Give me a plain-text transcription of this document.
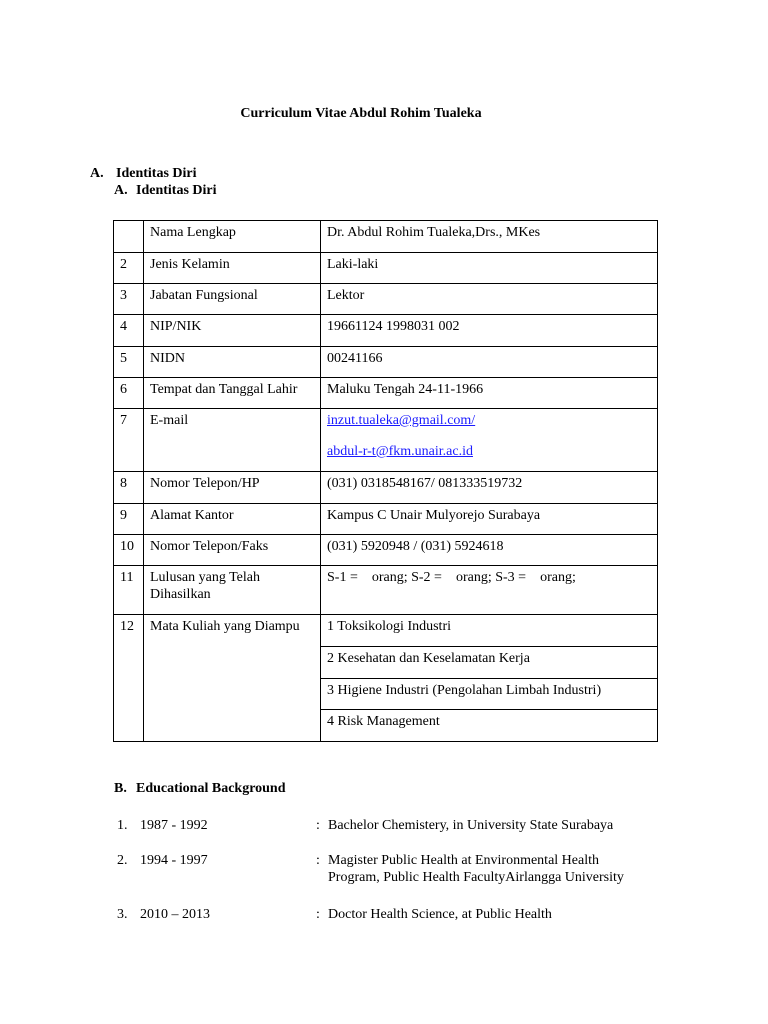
Curriculum Vitae Abdul Rohim Tualeka
A. Identitas Diri
A. Identitas Diri
	Nama Lengkap	Dr. Abdul Rohim Tualeka,Drs., MKes
2	Jenis Kelamin	Laki-laki
3	Jabatan Fungsional	Lektor
4	NIP/NIK	19661124 1998031 002
5	NIDN	00241166
6	Tempat dan Tanggal Lahir	Maluku Tengah 24-11-1966
7	E-mail	inzut.tualeka@gmail.com/
abdul-r-t@fkm.unair.ac.id

8	Nomor Telepon/HP	(031) 0318548167/ 081333519732
9	Alamat Kantor	Kampus C Unair Mulyorejo Surabaya
10	Nomor Telepon/Faks	(031) 5920948 / (031) 5924618
11	Lulusan yang Telah Dihasilkan	S-1 =    orang; S-2 =    orang; S-3 =    orang;
12	Mata Kuliah yang Diampu	1 Toksikologi Industri
		2 Kesehatan dan Keselamatan Kerja
		3 Higiene Industri (Pengolahan Limbah Industri)
		4 Risk Management
B. Educational Background
1. 1987 - 1992	: Bachelor Chemistery, in University State Surabaya
2. 1994 - 1997	: Magister Public Health at Environmental Health Program, Public Health FacultyAirlangga University
3. 2010 – 2013	: Doctor Health Science, at Public Health
